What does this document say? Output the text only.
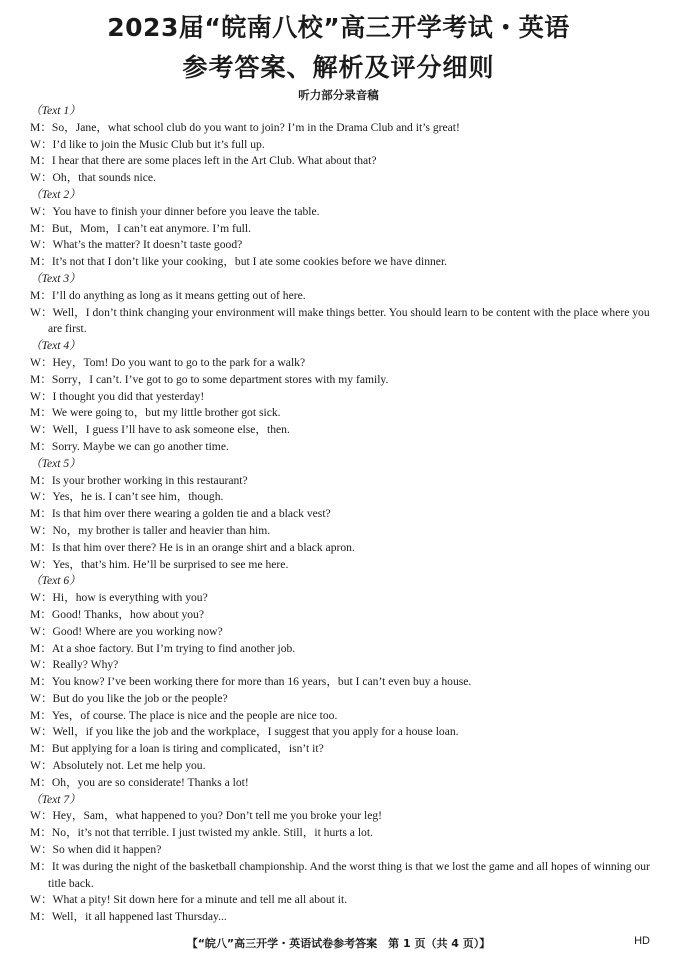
2023届“皖南八校”高三开学考试・英语
参考答案、解析及评分细则
听力部分录音稿
（Text 1）
M：So，Jane，what school club do you want to join? I’m in the Drama Club and it’s great!
W：I’d like to join the Music Club but it’s full up.
M：I hear that there are some places left in the Art Club. What about that?
W：Oh，that sounds nice.
（Text 2）
W：You have to finish your dinner before you leave the table.
M：But，Mom，I can’t eat anymore. I’m full.
W：What’s the matter? It doesn’t taste good?
M：It’s not that I don’t like your cooking，but I ate some cookies before we have dinner.
（Text 3）
M：I’ll do anything as long as it means getting out of here.
W：Well，I don’t think changing your environment will make things better. You should learn to be content with the place where you are first.
（Text 4）
W：Hey，Tom! Do you want to go to the park for a walk?
M：Sorry，I can’t. I’ve got to go to some department stores with my family.
W：I thought you did that yesterday!
M：We were going to，but my little brother got sick.
W：Well，I guess I’ll have to ask someone else，then.
M：Sorry. Maybe we can go another time.
（Text 5）
M：Is your brother working in this restaurant?
W：Yes，he is. I can’t see him，though.
M：Is that him over there wearing a golden tie and a black vest?
W：No，my brother is taller and heavier than him.
M：Is that him over there? He is in an orange shirt and a black apron.
W：Yes，that’s him. He’ll be surprised to see me here.
（Text 6）
W：Hi，how is everything with you?
M：Good! Thanks，how about you?
W：Good! Where are you working now?
M：At a shoe factory. But I’m trying to find another job.
W：Really? Why?
M：You know? I’ve been working there for more than 16 years，but I can’t even buy a house.
W：But do you like the job or the people?
M：Yes，of course. The place is nice and the people are nice too.
W：Well，if you like the job and the workplace，I suggest that you apply for a house loan.
M：But applying for a loan is tiring and complicated，isn’t it?
W：Absolutely not. Let me help you.
M：Oh，you are so considerate! Thanks a lot!
（Text 7）
W：Hey，Sam，what happened to you? Don’t tell me you broke your leg!
M：No，it’s not that terrible. I just twisted my ankle. Still，it hurts a lot.
W：So when did it happen?
M：It was during the night of the basketball championship. And the worst thing is that we lost the game and all hopes of winning our title back.
W：What a pity! Sit down here for a minute and tell me all about it.
M：Well，it all happened last Thursday...
【“皖八”高三开学・英语试卷参考答案　第 1 页（共 4 页）】	HD
